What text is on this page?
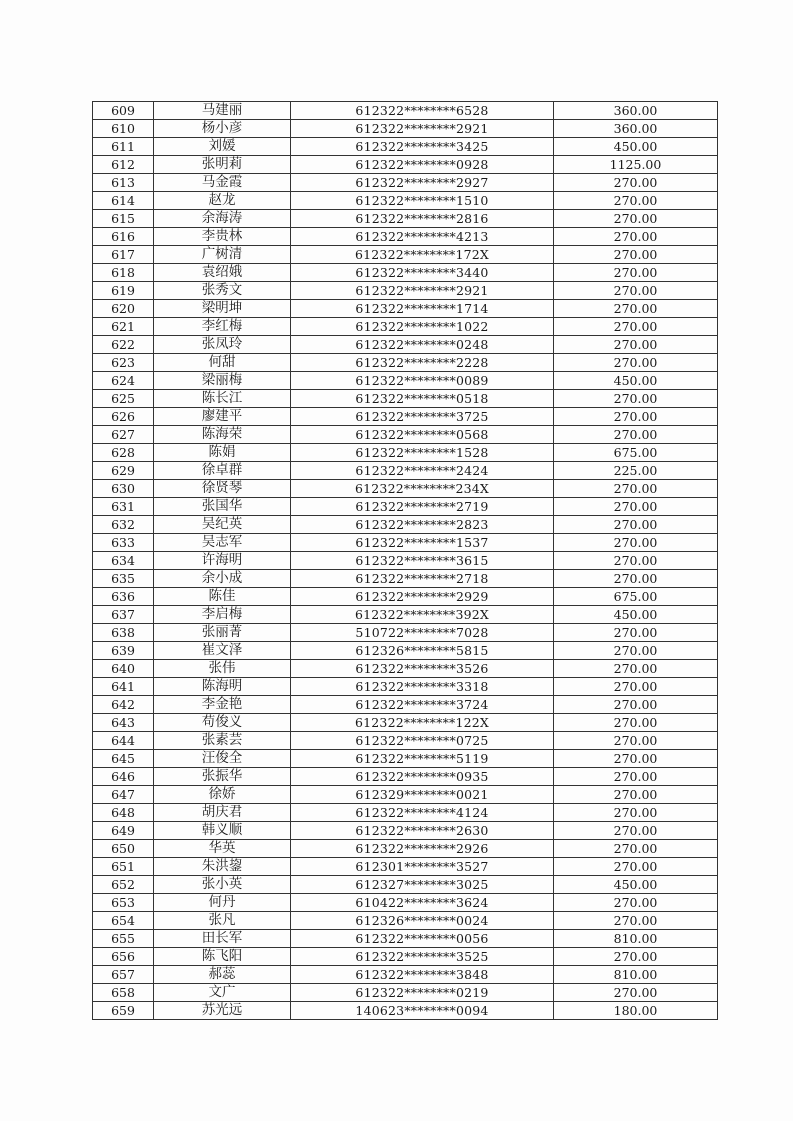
609	马建丽	612322********6528	360.00
610	杨小彦	612322********2921	360.00
611	刘媛	612322********3425	450.00
612	张明莉	612322********0928	1125.00
613	马金霞	612322********2927	270.00
614	赵龙	612322********1510	270.00
615	余海涛	612322********2816	270.00
616	李贵林	612322********4213	270.00
617	广树清	612322********172X	270.00
618	袁绍娥	612322********3440	270.00
619	张秀文	612322********2921	270.00
620	梁明坤	612322********1714	270.00
621	李红梅	612322********1022	270.00
622	张凤玲	612322********0248	270.00
623	何甜	612322********2228	270.00
624	梁丽梅	612322********0089	450.00
625	陈长江	612322********0518	270.00
626	廖建平	612322********3725	270.00
627	陈海荣	612322********0568	270.00
628	陈娟	612322********1528	675.00
629	徐卓群	612322********2424	225.00
630	徐贤琴	612322********234X	270.00
631	张国华	612322********2719	270.00
632	吴纪英	612322********2823	270.00
633	吴志军	612322********1537	270.00
634	许海明	612322********3615	270.00
635	余小成	612322********2718	270.00
636	陈佳	612322********2929	675.00
637	李启梅	612322********392X	450.00
638	张丽菁	510722********7028	270.00
639	崔文泽	612326********5815	270.00
640	张伟	612322********3526	270.00
641	陈海明	612322********3318	270.00
642	李金艳	612322********3724	270.00
643	苟俊义	612322********122X	270.00
644	张素芸	612322********0725	270.00
645	汪俊全	612322********5119	270.00
646	张振华	612322********0935	270.00
647	徐娇	612329********0021	270.00
648	胡庆君	612322********4124	270.00
649	韩义顺	612322********2630	270.00
650	华英	612322********2926	270.00
651	朱洪鋆	612301********3527	270.00
652	张小英	612327********3025	450.00
653	何丹	610422********3624	270.00
654	张凡	612326********0024	270.00
655	田长军	612322********0056	810.00
656	陈飞阳	612322********3525	270.00
657	郝蕊	612322********3848	810.00
658	文广	612322********0219	270.00
659	苏光远	140623********0094	180.00
